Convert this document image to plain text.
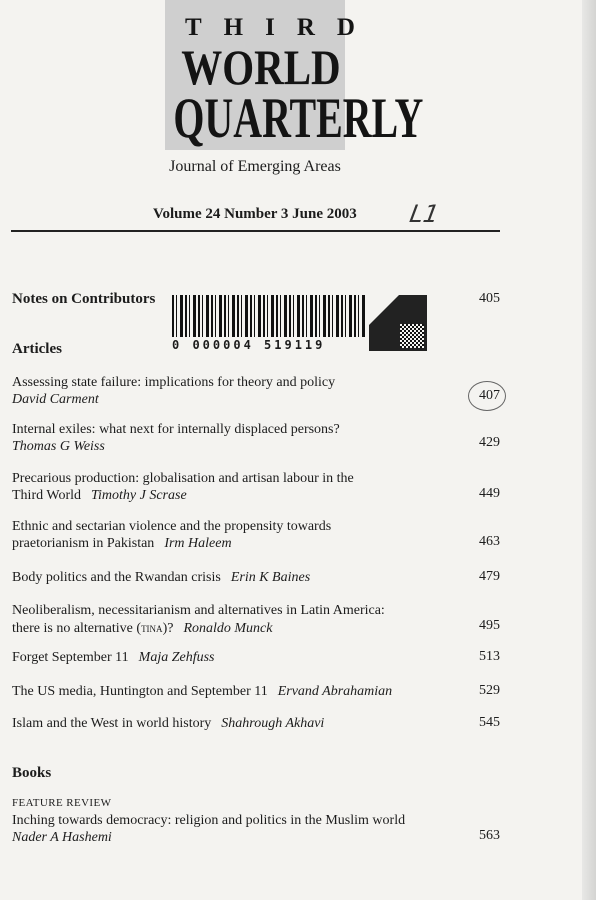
THIRD
WORLD
QUARTERLY
Journal of Emerging Areas
Volume 24 Number 3 June 2003 L1
Notes on Contributors	405
0 000004 519119
Articles
Assessing state failure: implications for theory and policy
David Carment	407
Internal exiles: what next for internally displaced persons?
Thomas G Weiss	429
Precarious production: globalisation and artisan labour in the
Third World Timothy J Scrase	449
Ethnic and sectarian violence and the propensity towards
praetorianism in Pakistan Irm Haleem	463
Body politics and the Rwandan crisis Erin K Baines	479
Neoliberalism, necessitarianism and alternatives in Latin America:
there is no alternative (tina)? Ronaldo Munck	495
Forget September 11 Maja Zehfuss	513
The US media, Huntington and September 11 Ervand Abrahamian	529
Islam and the West in world history Shahrough Akhavi	545
Books
FEATURE REVIEW
Inching towards democracy: religion and politics in the Muslim world
Nader A Hashemi	563
